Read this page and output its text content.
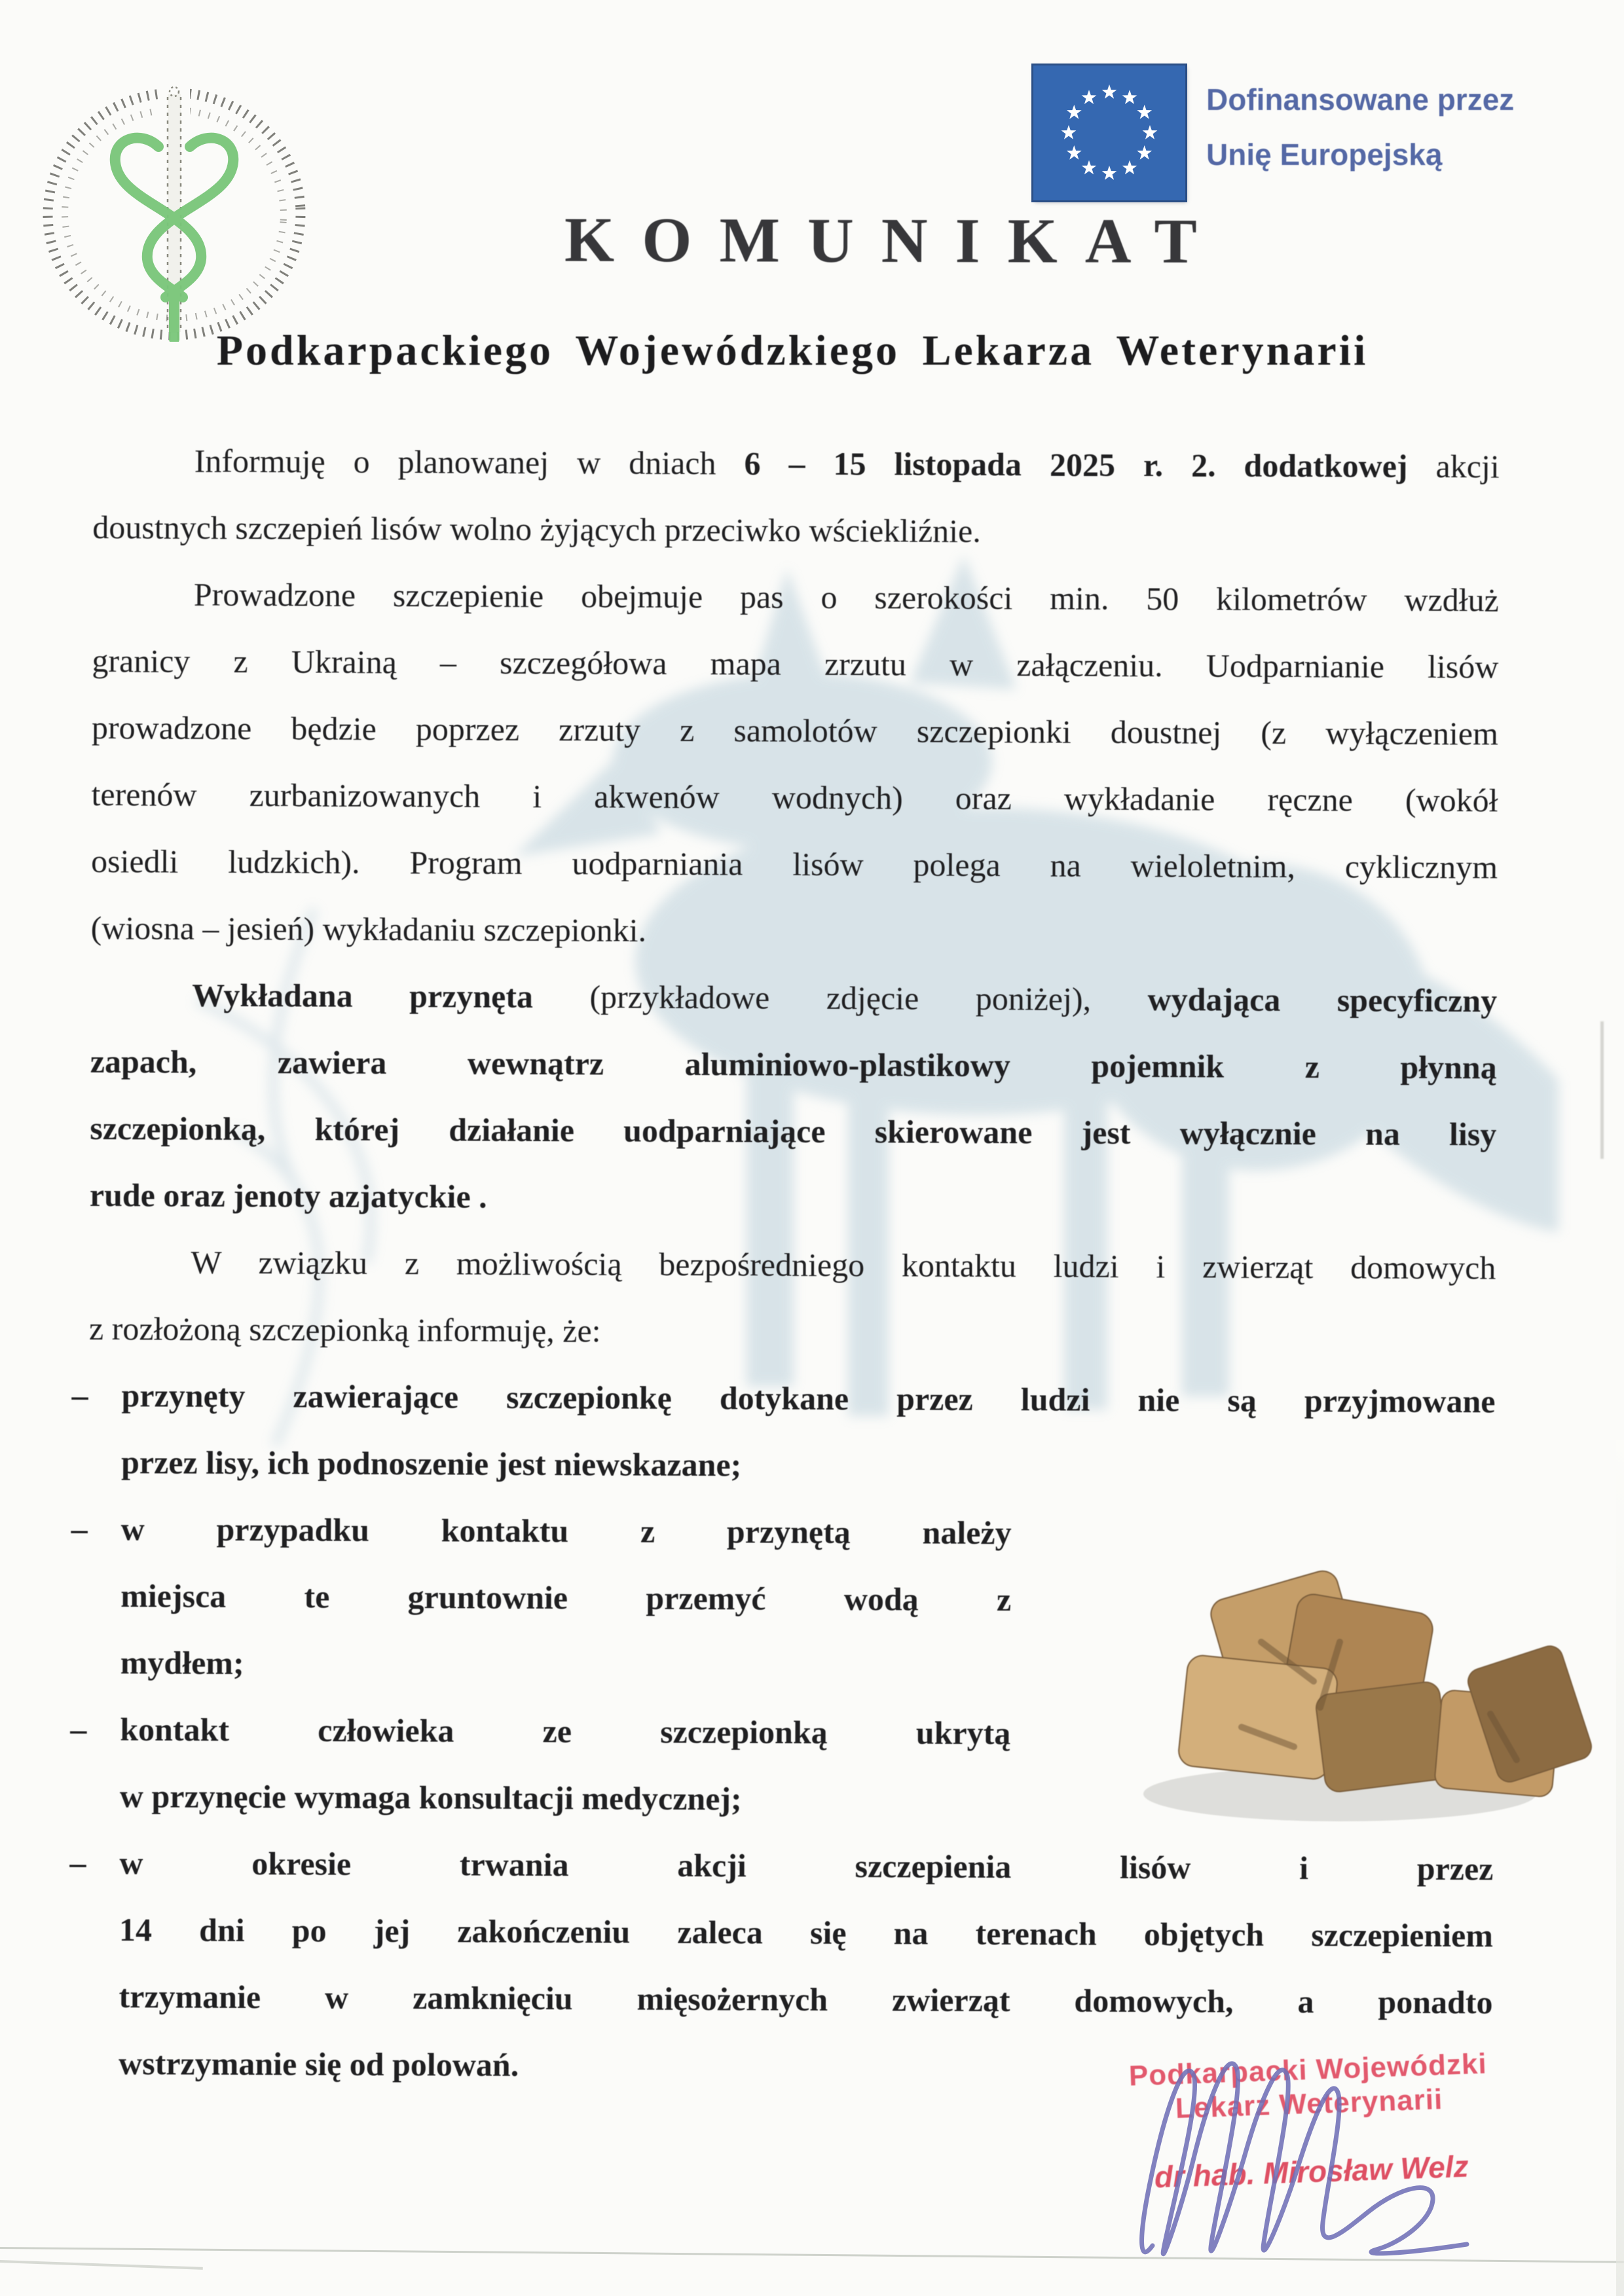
KOMUNIKAT
Podkarpackiego Wojewódzkiego Lekarza Weterynarii
Dofinansowane przez
Unię Europejską

Informuję o planowanej w dniach 6 – 15 listopada 2025 r. 2. dodatkowej akcji
doustnych szczepień lisów wolno żyjących przeciwko wściekliźnie.

Prowadzone szczepienie obejmuje pas o szerokości min. 50 kilometrów wzdłuż
granicy z Ukrainą – szczegółowa mapa zrzutu w załączeniu. Uodparnianie lisów
prowadzone będzie poprzez zrzuty z samolotów szczepionki doustnej (z wyłączeniem
terenów zurbanizowanych i akwenów wodnych) oraz wykładanie ręczne (wokół
osiedli ludzkich). Program uodparniania lisów polega na wieloletnim, cyklicznym
(wiosna – jesień) wykładaniu szczepionki.

Wykładana przynęta (przykładowe zdjęcie poniżej), wydająca specyficzny
zapach, zawiera wewnątrz aluminiowo-plastikowy pojemnik z płynną
szczepionką, której działanie uodparniające skierowane jest wyłącznie na lisy
rude oraz jenoty azjatyckie .

W związku z możliwością bezpośredniego kontaktu ludzi i zwierząt domowych
z rozłożoną szczepionką informuję, że:

– przynęty zawierające szczepionkę dotykane przez ludzi nie są przyjmowane
przez lisy, ich podnoszenie jest niewskazane;
– w przypadku kontaktu z przynętą należy
miejsca te gruntownie przemyć wodą z
mydłem;
– kontakt człowieka ze szczepionką ukrytą
w przynęcie wymaga konsultacji medycznej;
– w okresie trwania akcji szczepienia lisów i przez
14 dni po jej zakończeniu zaleca się na terenach objętych szczepieniem
trzymanie w zamknięciu mięsożernych zwierząt domowych, a ponadto
wstrzymanie się od polowań.	Podkarpacki Wojewódzki
Lekarz Weterynarii
dr hab. Mirosław Welz
